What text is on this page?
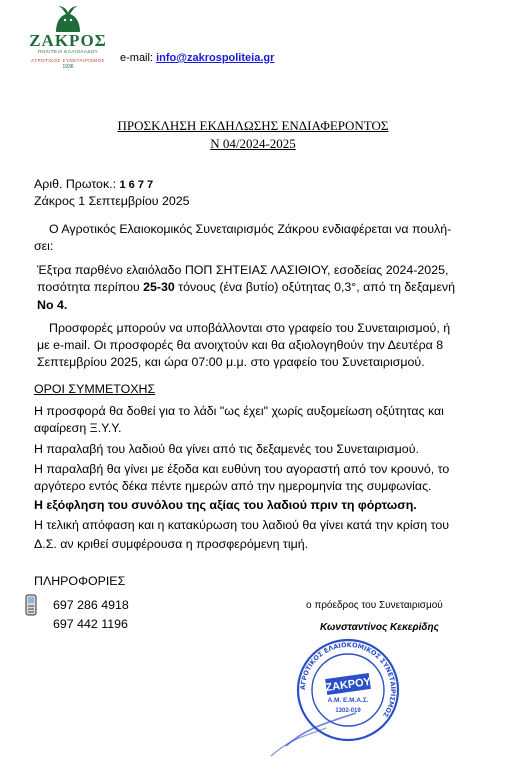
ΖΑΚΡΟΣ
ΠΟΛΙΤΕΙΑ ΕΛΑΙΟΛΑΔΟΥ
ΑΓΡΟΤΙΚΟΣ ΣΥΝΕΤΑΙΡΙΣΜΟΣ
1936
e-mail: info@zakrospoliteia.gr
ΠΡΟΣΚΛΗΣΗ ΕΚΔΗΛΩΣΗΣ ΕΝΔΙΑΦΕΡΟΝΤΟΣ
Ν 04/2024-2025
Αριθ. Πρωτοκ.: 1 6 7 7
Ζάκρος 1 Σεπτεμβρίου 2025
Ο Αγροτικός Ελαιοκομικός Συνεταιρισμός Ζάκρου ενδιαφέρεται να πουλή-
σει:
Έξτρα παρθένο ελαιόλαδο ΠΟΠ ΣΗΤΕΙΑΣ ΛΑΣΙΘΙΟΥ, εσοδείας 2024-2025,
ποσότητα περίπου 25-30 τόνους (ένα βυτίο) οξύτητας 0,3°, από τη δεξαμενή
Νο 4.
Προσφορές μπορούν να υποβάλλονται στο γραφείο του Συνεταιρισμού, ή
με e-mail. Οι προσφορές θα ανοιχτούν και θα αξιολογηθούν την Δευτέρα 8
Σεπτεμβρίου 2025, και ώρα 07:00 μ.μ. στο γραφείο του Συνεταιρισμού.
ΟΡΟΙ ΣΥΜΜΕΤΟΧΗΣ
Η προσφορά θα δοθεί για το λάδι "ως έχει" χωρίς αυξομείωση οξύτητας και
αφαίρεση Ξ.Υ.Υ.
Η παραλαβή του λαδιού θα γίνει από τις δεξαμενές του Συνεταιρισμού.
Η παραλαβή θα γίνει με έξοδα και ευθύνη του αγοραστή από τον κρουνό, το
αργότερο εντός δέκα πέντε ημερών από την ημερομηνία της συμφωνίας.
Η εξόφληση του συνόλου της αξίας του λαδιού πριν τη φόρτωση.
Η τελική απόφαση και η κατακύρωση του λαδιού θα γίνει κατά την κρίση του
Δ.Σ. αν κριθεί συμφέρουσα η προσφερόμενη τιμή.
ΠΛΗΡΟΦΟΡΙΕΣ
697 286 4918
697 442 1196
ο πρόεδρος του Συνεταιρισμού
Κωνσταντίνος Κεκερίδης
ΑΓΡΟΤΙΚΟΣ ΕΛΑΙΟΚΟΜΙΚΟΣ ΣΥΝΕΤΑΙΡΙΣΜΟΣ
ΖΑΚΡΟΥ
Α.Μ. Ε.Μ.Α.Σ.
1302-019
